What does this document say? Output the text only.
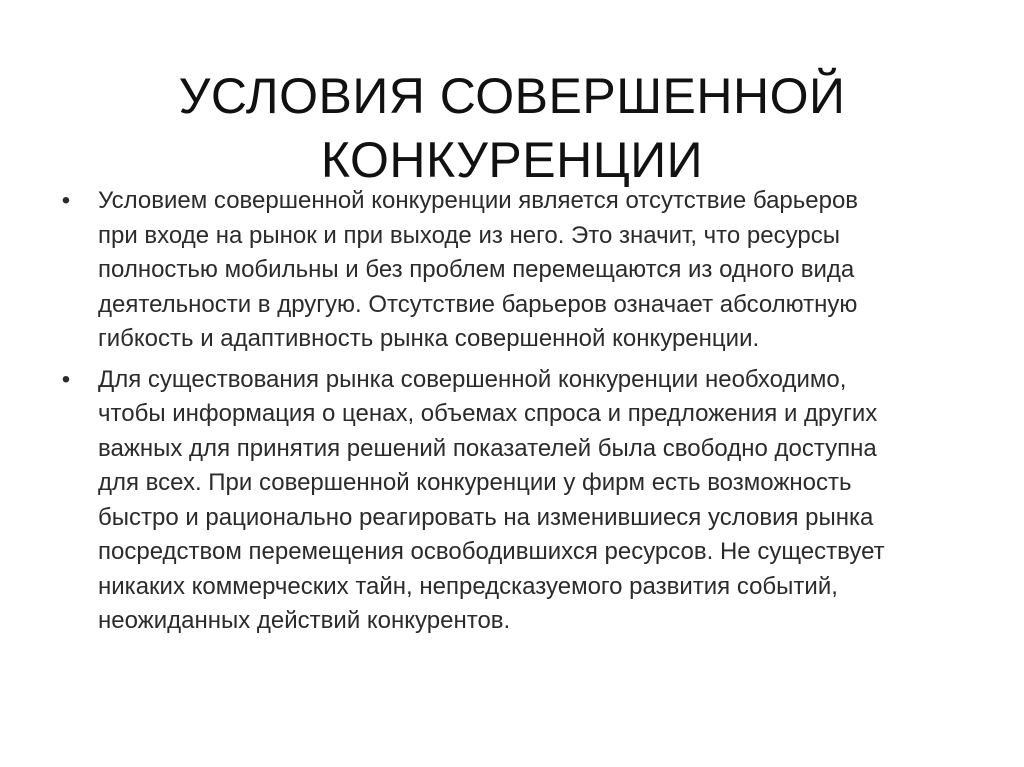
УСЛОВИЯ СОВЕРШЕННОЙ
КОНКУРЕНЦИИ
• Условием совершенной конкуренции является отсутствие барьеров
при входе на рынок и при выходе из него. Это значит, что ресурсы
полностью мобильны и без проблем перемещаются из одного вида
деятельности в другую. Отсутствие барьеров означает абсолютную
гибкость и адаптивность рынка совершенной конкуренции.
• Для существования рынка совершенной конкуренции необходимо,
чтобы информация о ценах, объемах спроса и предложения и других
важных для принятия решений показателей была свободно доступна
для всех. При совершенной конкуренции у фирм есть возможность
быстро и рационально реагировать на изменившиеся условия рынка
посредством перемещения освободившихся ресурсов. Не существует
никаких коммерческих тайн, непредсказуемого развития событий,
неожиданных действий конкурентов.
